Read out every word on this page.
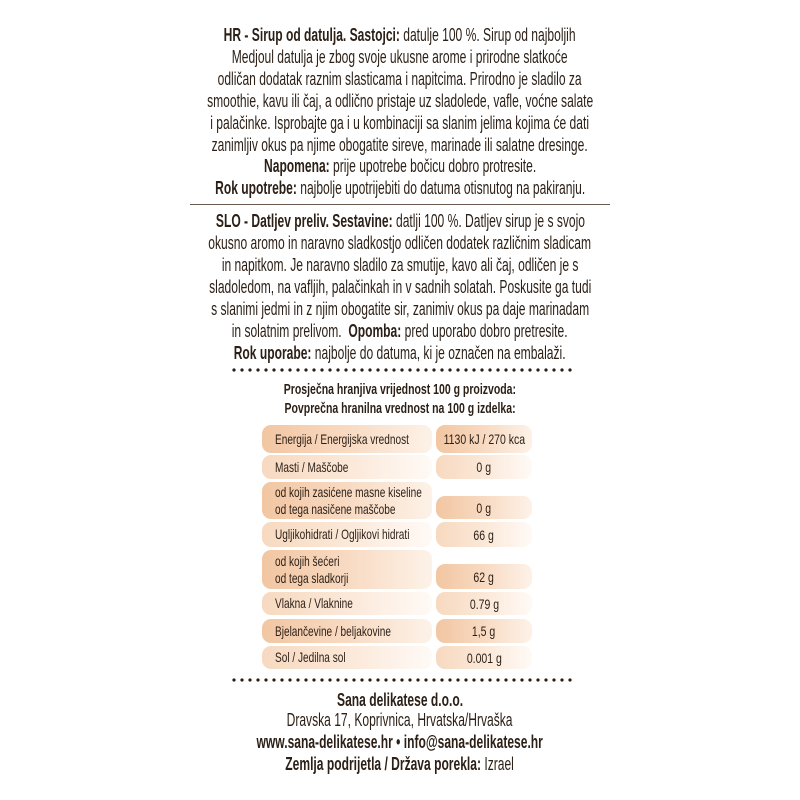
HR - Sirup od datulja. Sastojci: datulje 100 %. Sirup od najboljih
Medjoul datulja je zbog svoje ukusne arome i prirodne slatkoće
odličan dodatak raznim slasticama i napitcima. Prirodno je sladilo za
smoothie, kavu ili čaj, a odlično pristaje uz sladolede, vafle, voćne salate
i palačinke. Isprobajte ga i u kombinaciji sa slanim jelima kojima će dati
zanimljiv okus pa njime obogatite sireve, marinade ili salatne dresinge.
Napomena: prije upotrebe bočicu dobro protresite.
Rok upotrebe: najbolje upotrijebiti do datuma otisnutog na pakiranju.
SLO - Datljev preliv. Sestavine: datlji 100 %. Datljev sirup je s svojo
okusno aromo in naravno sladkostjo odličen dodatek različnim sladicam
in napitkom. Je naravno sladilo za smutije, kavo ali čaj, odličen je s
sladoledom, na vafljih, palačinkah in v sadnih solatah. Poskusite ga tudi
s slanimi jedmi in z njim obogatite sir, zanimiv okus pa daje marinadam
in solatnim prelivom. Opomba: pred uporabo dobro pretresite.
Rok uporabe: najbolje do datuma, ki je označen na embalaži.
Prosječna hranjiva vrijednost 100 g proizvoda:
Povprečna hranilna vrednost na 100 g izdelka:
Energija / Energijska vrednost 1130 kJ / 270 kca
Masti / Maščobe	0 g
od kojih zasićene masne kiseline
od tega nasičene maščobe	0 g
Ugljikohidrati / Ogljikovi hidrati	66 g
od kojih šećeri
od tega sladkorji	62 g
Vlakna / Vlaknine	0.79 g
Bjelančevine / beljakovine	1,5 g
Sol / Jedilna sol	0.001 g
Sana delikatese d.o.o.
Dravska 17, Koprivnica, Hrvatska/Hrvaška
www.sana-delikatese.hr • info@sana-delikatese.hr
Zemlja podrijetla / Država porekla: Izrael
